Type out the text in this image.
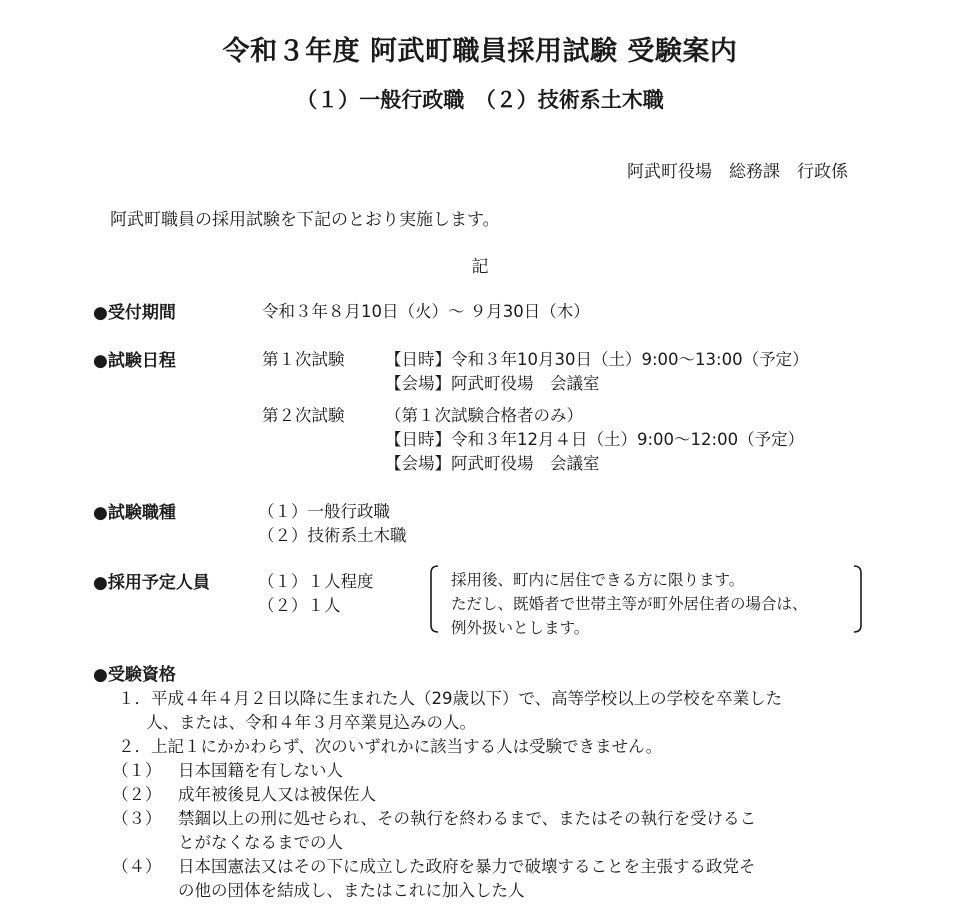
令和３年度 阿武町職員採用試験 受験案内
（１）一般行政職　（２）技術系土木職
阿武町役場　総務課　行政係
阿武町職員の採用試験を下記のとおり実施します。
記
●受付期間	令和３年８月10日（火）～ ９月30日（木）
●試験日程	第１次試験 【日時】令和３年10月30日（土）9:00～13:00（予定）
【会場】阿武町役場　会議室
第２次試験 （第１次試験合格者のみ）
【日時】令和３年12月４日（土）9:00～12:00（予定）
【会場】阿武町役場　会議室
●試験職種	（１）一般行政職
（２）技術系土木職
●採用予定人員	（１）１人程度
（２）１人
採用後、町内に居住できる方に限ります。
ただし、既婚者で世帯主等が町外居住者の場合は、
例外扱いとします。
●受験資格
１．平成４年４月２日以降に生まれた人（29歳以下）で、高等学校以上の学校を卒業した
人、または、令和４年３月卒業見込みの人。
２．上記１にかかわらず、次のいずれかに該当する人は受験できません。
（１） 日本国籍を有しない人
（２） 成年被後見人又は被保佐人
（３） 禁錮以上の刑に処せられ、その執行を終わるまで、またはその執行を受けるこ
とがなくなるまでの人
（４） 日本国憲法又はその下に成立した政府を暴力で破壊することを主張する政党そ
の他の団体を結成し、またはこれに加入した人
